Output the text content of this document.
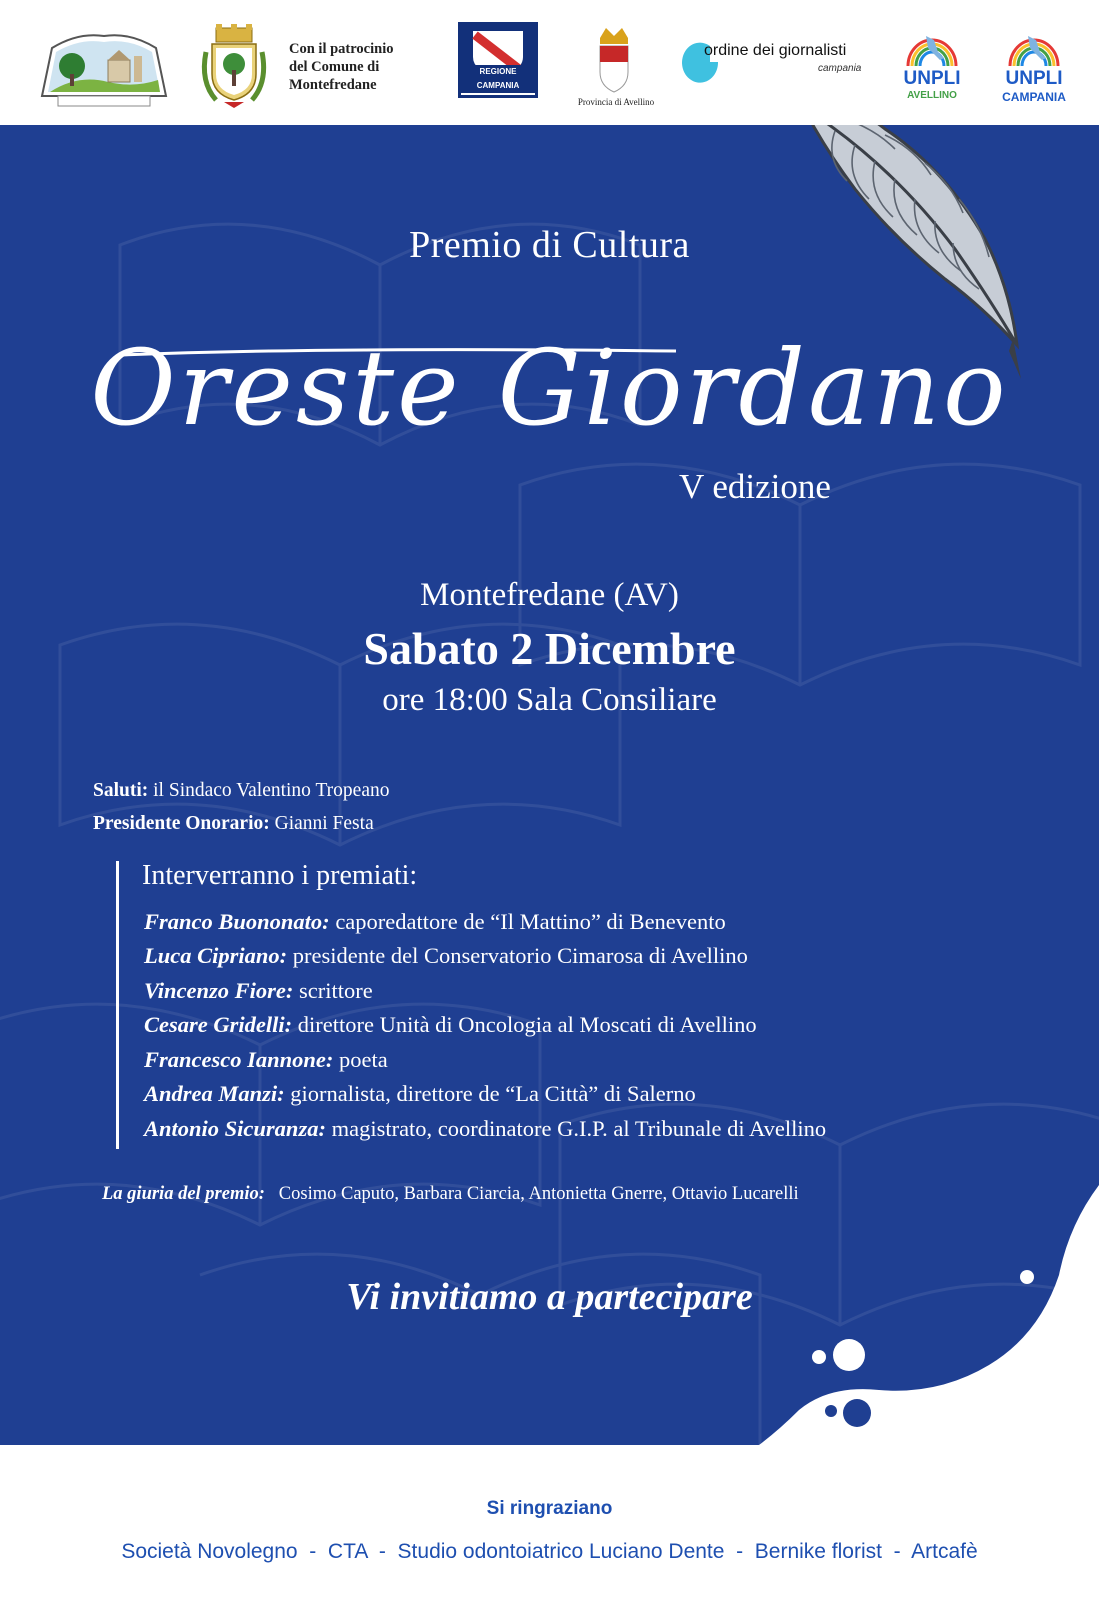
Con il patrocinio
del Comune di
Montefredane
REGIONE CAMPANIA
Provincia di Avellino
ordine dei giornalisti
campania	UNPLI
AVELLINO
UNPLI
CAMPANIA
Premio di Cultura
Oreste Giordano
V edizione
Montefredane (AV)
Sabato 2 Dicembre
ore 18:00 Sala Consiliare
Saluti: il Sindaco Valentino Tropeano
Presidente Onorario: Gianni Festa
Interverranno i premiati:
Franco Buononato: caporedattore de “Il Mattino” di Benevento
Luca Cipriano: presidente del Conservatorio Cimarosa di Avellino
Vincenzo Fiore: scrittore
Cesare Gridelli: direttore Unità di Oncologia al Moscati di Avellino
Francesco Iannone: poeta
Andrea Manzi: giornalista, direttore de “La Città” di Salerno
Antonio Sicuranza: magistrato, coordinatore G.I.P. al Tribunale di Avellino
La giuria del premio: Cosimo Caputo, Barbara Ciarcia, Antonietta Gnerre, Ottavio Lucarelli
Vi invitiamo a partecipare
Si ringraziano
Società Novolegno  -  CTA  -  Studio odontoiatrico Luciano Dente  -  Bernike florist  -  Artcafè
